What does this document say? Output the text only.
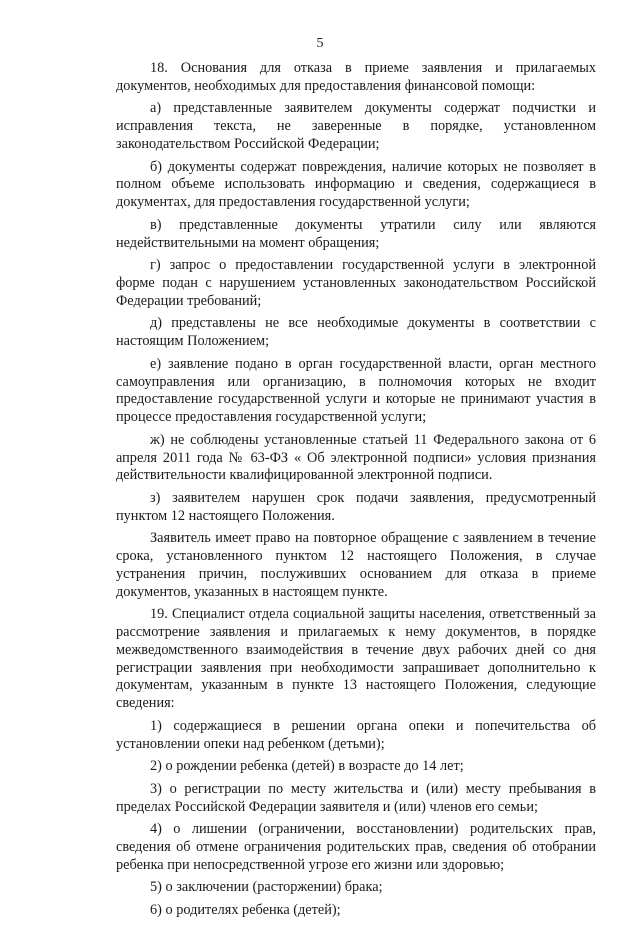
5

18. Основания для отказа в приеме заявления и прилагаемых документов, необходимых для предоставления финансовой помощи:

а) представленные заявителем документы содержат подчистки и исправления текста, не заверенные в порядке, установленном законодательством Российской Федерации;

б) документы содержат повреждения, наличие которых не позволяет в полном объеме использовать информацию и сведения, содержащиеся в документах, для предоставления государственной услуги;

в) представленные документы утратили силу или являются недействительными на момент обращения;

г) запрос о предоставлении государственной услуги в электронной форме подан с нарушением установленных законодательством Российской Федерации требований;

д) представлены не все необходимые документы в соответствии с настоящим Положением;

е) заявление подано в орган государственной власти, орган местного самоуправления или организацию, в полномочия которых не входит предоставление государственной услуги и которые не принимают участия в процессе предоставления государственной услуги;

ж) не соблюдены установленные статьей 11 Федерального закона от 6 апреля 2011 года № 63-ФЗ « Об электронной подписи» условия признания действительности квалифицированной электронной подписи.

з) заявителем нарушен срок подачи заявления, предусмотренный пунктом 12 настоящего Положения.

Заявитель имеет право на повторное обращение с заявлением в течение срока, установленного пунктом 12 настоящего Положения, в случае устранения причин, послуживших основанием для отказа в приеме документов, указанных в настоящем пункте.

19. Специалист отдела социальной защиты населения, ответственный за рассмотрение заявления и прилагаемых к нему документов, в порядке межведомственного взаимодействия в течение двух рабочих дней со дня регистрации заявления при необходимости запрашивает дополнительно к документам, указанным в пункте 13 настоящего Положения, следующие сведения:

1) содержащиеся в решении органа опеки и попечительства об установлении опеки над ребенком (детьми);

2) о рождении ребенка (детей) в возрасте до 14 лет;

3) о регистрации по месту жительства и (или) месту пребывания в пределах Российской Федерации заявителя и (или) членов его семьи;

4) о лишении (ограничении, восстановлении) родительских прав, сведения об отмене ограничения родительских прав, сведения об отобрании ребенка при непосредственной угрозе его жизни или здоровью;

5) о заключении (расторжении) брака;

6) о родителях ребенка (детей);
